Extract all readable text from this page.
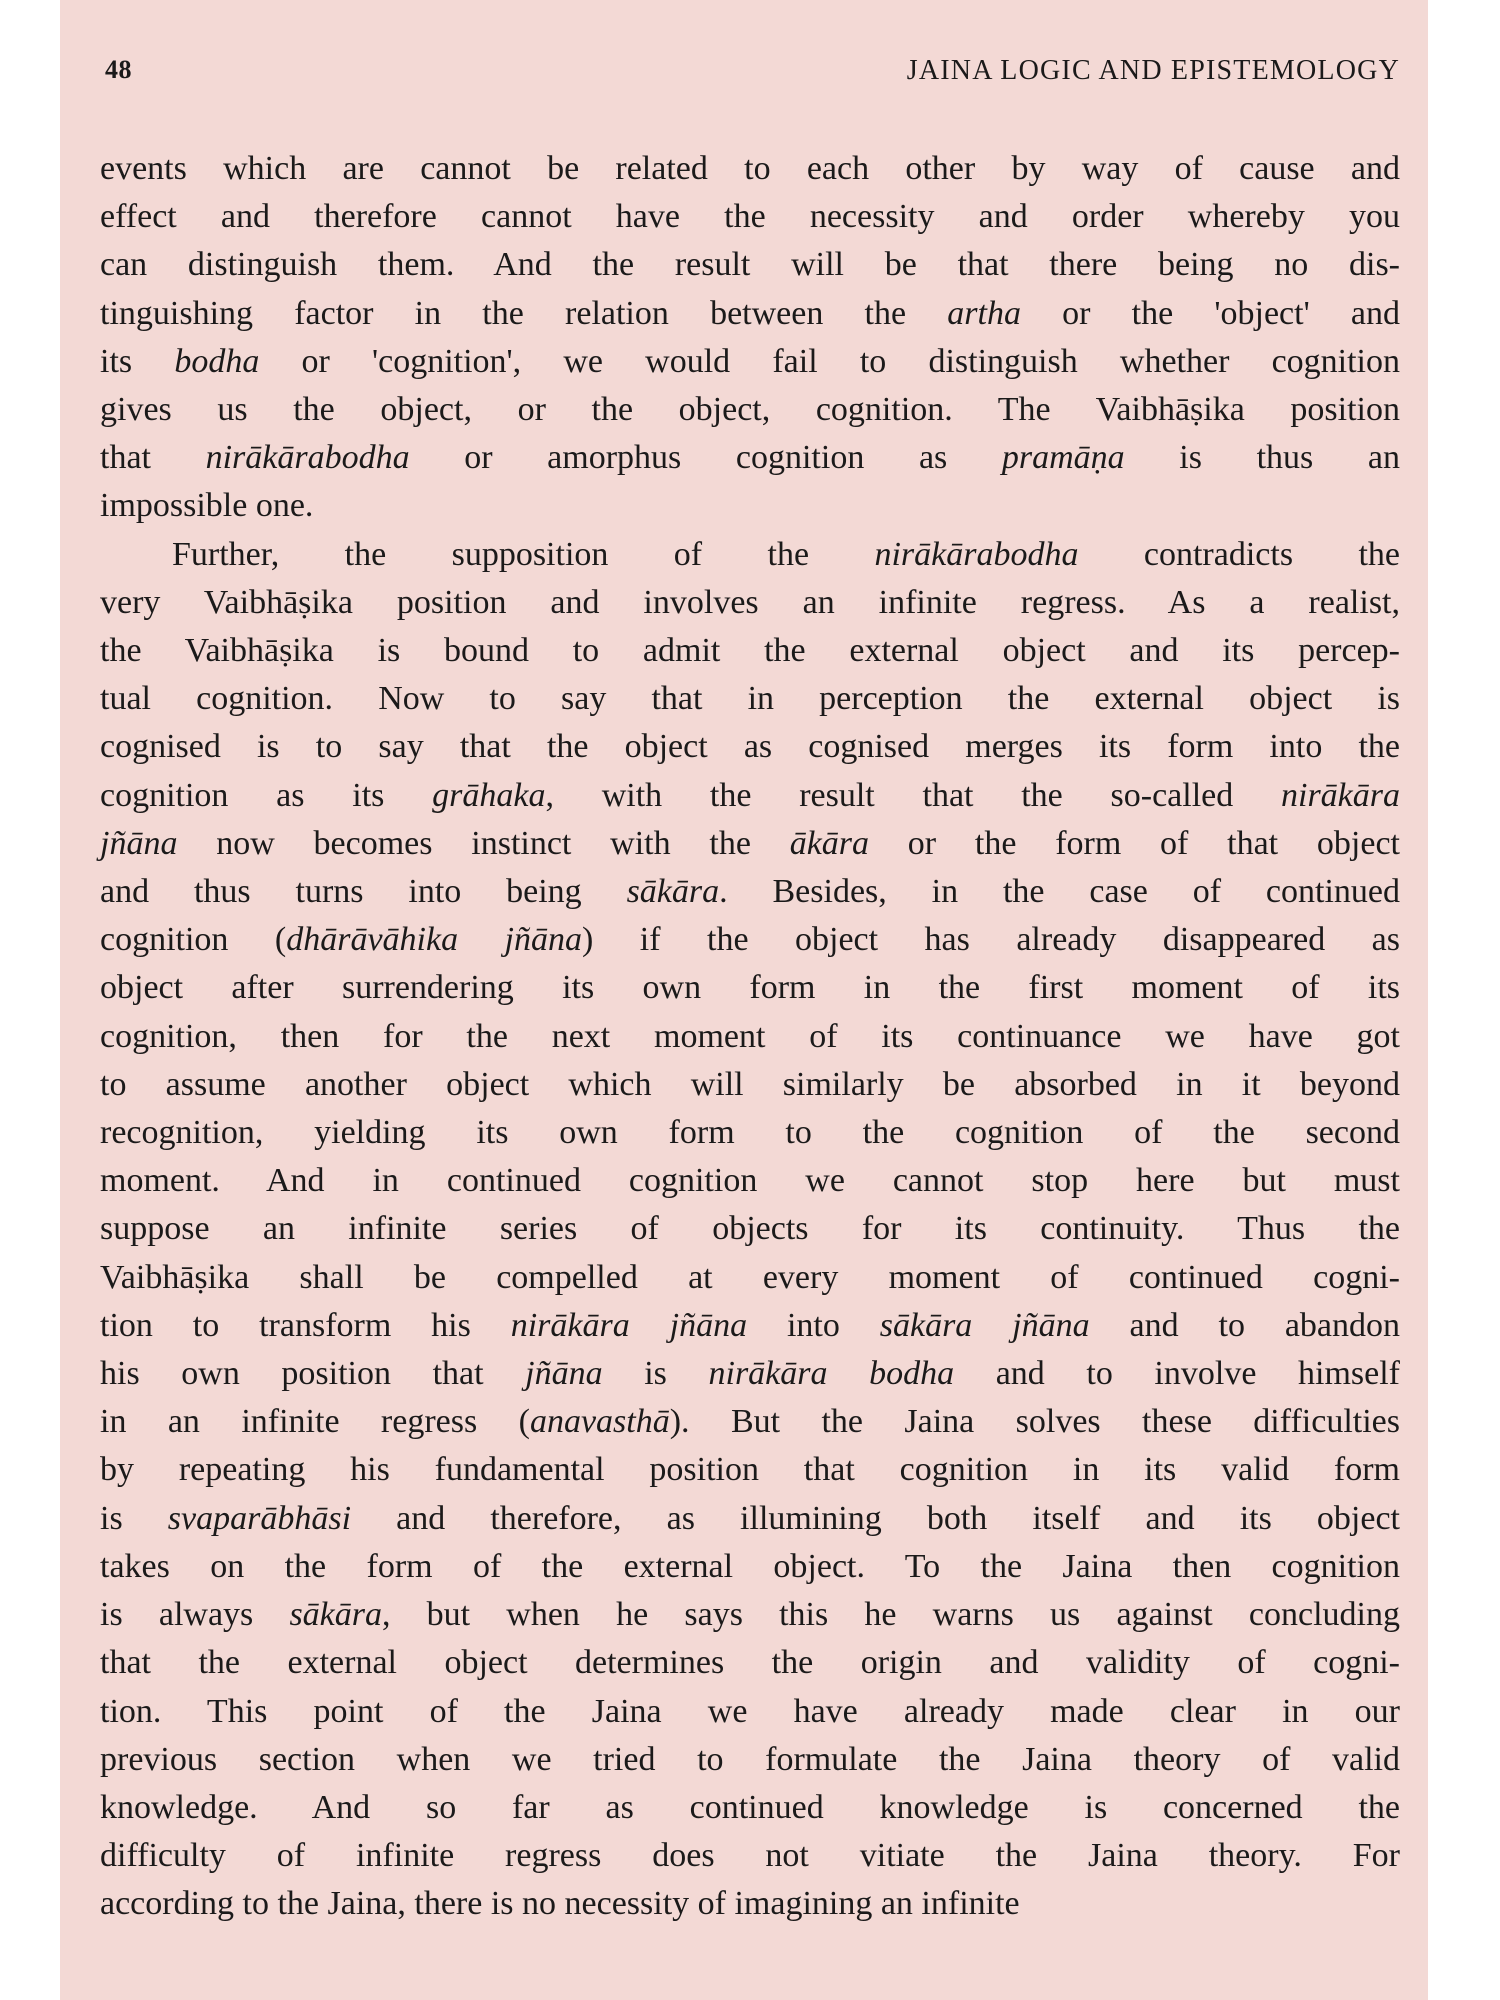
48	JAINA LOGIC AND EPISTEMOLOGY
events which are cannot be related to each other by way of cause and
effect and therefore cannot have the necessity and order whereby you
can distinguish them. And the result will be that there being no dis-
tinguishing factor in the relation between the artha or the 'object' and
its bodha or 'cognition', we would fail to distinguish whether cognition
gives us the object, or the object, cognition. The Vaibhāṣika position
that nirākārabodha or amorphus cognition as pramāṇa is thus an
impossible one.
Further, the supposition of the nirākārabodha contradicts the
very Vaibhāṣika position and involves an infinite regress. As a realist,
the Vaibhāṣika is bound to admit the external object and its percep-
tual cognition. Now to say that in perception the external object is
cognised is to say that the object as cognised merges its form into the
cognition as its grāhaka, with the result that the so-called nirākāra
jñāna now becomes instinct with the ākāra or the form of that object
and thus turns into being sākāra. Besides, in the case of continued
cognition (dhārāvāhika jñāna) if the object has already disappeared as
object after surrendering its own form in the first moment of its
cognition, then for the next moment of its continuance we have got
to assume another object which will similarly be absorbed in it beyond
recognition, yielding its own form to the cognition of the second
moment. And in continued cognition we cannot stop here but must
suppose an infinite series of objects for its continuity. Thus the
Vaibhāṣika shall be compelled at every moment of continued cogni-
tion to transform his nirākāra jñāna into sākāra jñāna and to abandon
his own position that jñāna is nirākāra bodha and to involve himself
in an infinite regress (anavasthā). But the Jaina solves these difficulties
by repeating his fundamental position that cognition in its valid form
is svaparābhāsi and therefore, as illumining both itself and its object
takes on the form of the external object. To the Jaina then cognition
is always sākāra, but when he says this he warns us against concluding
that the external object determines the origin and validity of cogni-
tion. This point of the Jaina we have already made clear in our
previous section when we tried to formulate the Jaina theory of valid
knowledge. And so far as continued knowledge is concerned the
difficulty of infinite regress does not vitiate the Jaina theory. For
according to the Jaina, there is no necessity of imagining an infinite
